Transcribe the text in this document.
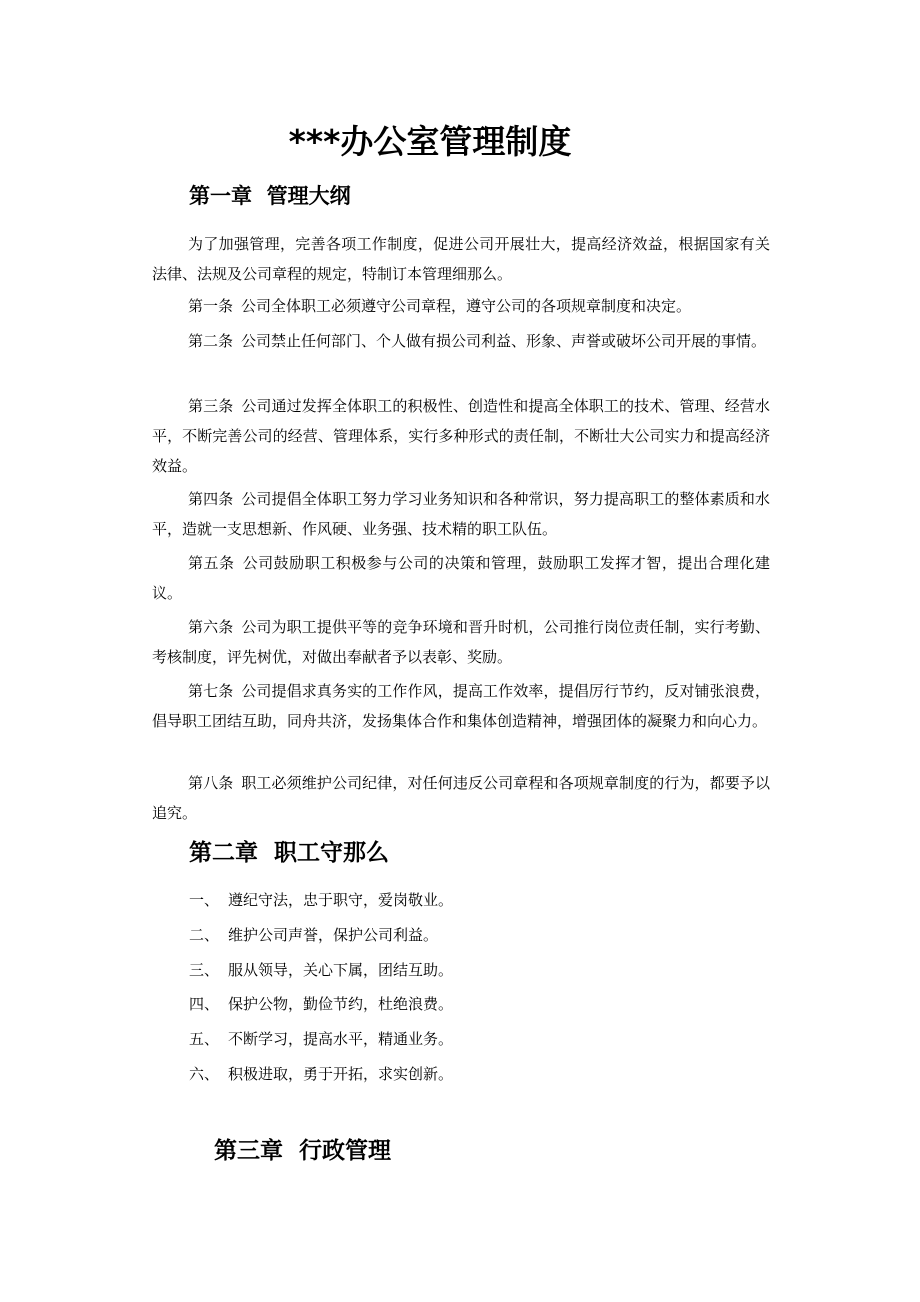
***办公室管理制度
第一章  管理大纲

为了加强管理，完善各项工作制度，促进公司开展壮大，提高经济效益，根据国家有关法律、法规及公司章程的规定，特制订本管理细那么。

第一条 公司全体职工必须遵守公司章程，遵守公司的各项规章制度和决定。

第二条 公司禁止任何部门、个人做有损公司利益、形象、声誉或破坏公司开展的事情。

第三条 公司通过发挥全体职工的积极性、创造性和提高全体职工的技术、管理、经营水平，不断完善公司的经营、管理体系，实行多种形式的责任制，不断壮大公司实力和提高经济效益。

第四条 公司提倡全体职工努力学习业务知识和各种常识，努力提高职工的整体素质和水平，造就一支思想新、作风硬、业务强、技术精的职工队伍。

第五条 公司鼓励职工积极参与公司的决策和管理，鼓励职工发挥才智，提出合理化建议。

第六条 公司为职工提供平等的竞争环境和晋升时机，公司推行岗位责任制，实行考勤、考核制度，评先树优，对做出奉献者予以表彰、奖励。

第七条 公司提倡求真务实的工作作风，提高工作效率，提倡厉行节约，反对铺张浪费，倡导职工团结互助，同舟共济，发扬集体合作和集体创造精神，增强团体的凝聚力和向心力。

第八条 职工必须维护公司纪律，对任何违反公司章程和各项规章制度的行为，都要予以追究。

第二章  职工守那么
一、 遵纪守法，忠于职守，爱岗敬业。
二、 维护公司声誉，保护公司利益。
三、 服从领导，关心下属，团结互助。
四、 保护公物，勤俭节约，杜绝浪费。
五、 不断学习，提高水平，精通业务。
六、 积极进取，勇于开拓，求实创新。
第三章  行政管理
